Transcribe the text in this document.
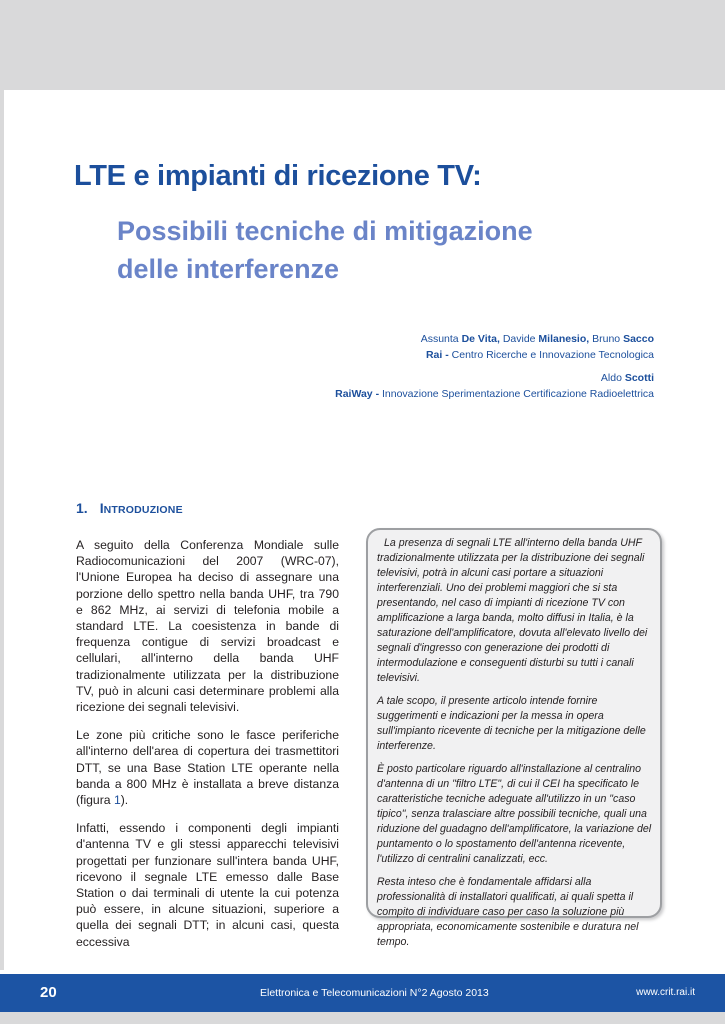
LTE e impianti di ricezione TV:
Possibili tecniche di mitigazione
delle interferenze
Assunta De Vita, Davide Milanesio, Bruno Sacco
Rai - Centro Ricerche e Innovazione Tecnologica
Aldo Scotti
RaiWay - Innovazione Sperimentazione Certificazione Radioelettrica
1. INTRODUZIONE

A seguito della Conferenza Mondiale sulle Radiocomunicazioni del 2007 (WRC-07), l'Unione Europea ha deciso di assegnare una porzione dello spettro nella banda UHF, tra 790 e 862 MHz, ai servizi di telefonia mobile a standard LTE. La coesistenza in bande di frequenza contigue di servizi broadcast e cellulari, all'interno della banda UHF tradizionalmente utilizzata per la distribuzione TV, può in alcuni casi determinare problemi alla ricezione dei segnali televisivi.

Le zone più critiche sono le fasce periferiche all'interno dell'area di copertura dei trasmettitori DTT, se una Base Station LTE operante nella banda a 800 MHz è installata a breve distanza (figura 1).

Infatti, essendo i componenti degli impianti d'antenna TV e gli stessi apparecchi televisivi progettati per funzionare sull'intera banda UHF, ricevono il segnale LTE emesso dalle Base Station o dai terminali di utente la cui potenza può essere, in alcune situazioni, superiore a quella dei segnali DTT; in alcuni casi, questa eccessiva

La presenza di segnali LTE all'interno della banda UHF tradizionalmente utilizzata per la distribuzione dei segnali televisivi, potrà in alcuni casi portare a situazioni interferenziali. Uno dei problemi maggiori che si sta presentando, nel caso di impianti di ricezione TV con amplificazione a larga banda, molto diffusi in Italia, è la saturazione dell'amplificatore, dovuta all'elevato livello dei segnali d'ingresso con generazione dei prodotti di intermodulazione e conseguenti disturbi su tutti i canali televisivi.

A tale scopo, il presente articolo intende fornire suggerimenti e indicazioni per la messa in opera sull'impianto ricevente di tecniche per la mitigazione delle interferenze.

È posto particolare riguardo all'installazione al centralino d'antenna di un "filtro LTE", di cui il CEI ha specificato le caratteristiche tecniche adeguate all'utilizzo in un "caso tipico", senza tralasciare altre possibili tecniche, quali una riduzione del guadagno dell'amplificatore, la variazione del puntamento o lo spostamento dell'antenna ricevente, l'utilizzo di centralini canalizzati, ecc.

Resta inteso che è fondamentale affidarsi alla professionalità di installatori qualificati, ai quali spetta il compito di individuare caso per caso la soluzione più appropriata, economicamente sostenibile e duratura nel tempo.

20	Elettronica e Telecomunicazioni N°2 Agosto 2013	www.crit.rai.it
